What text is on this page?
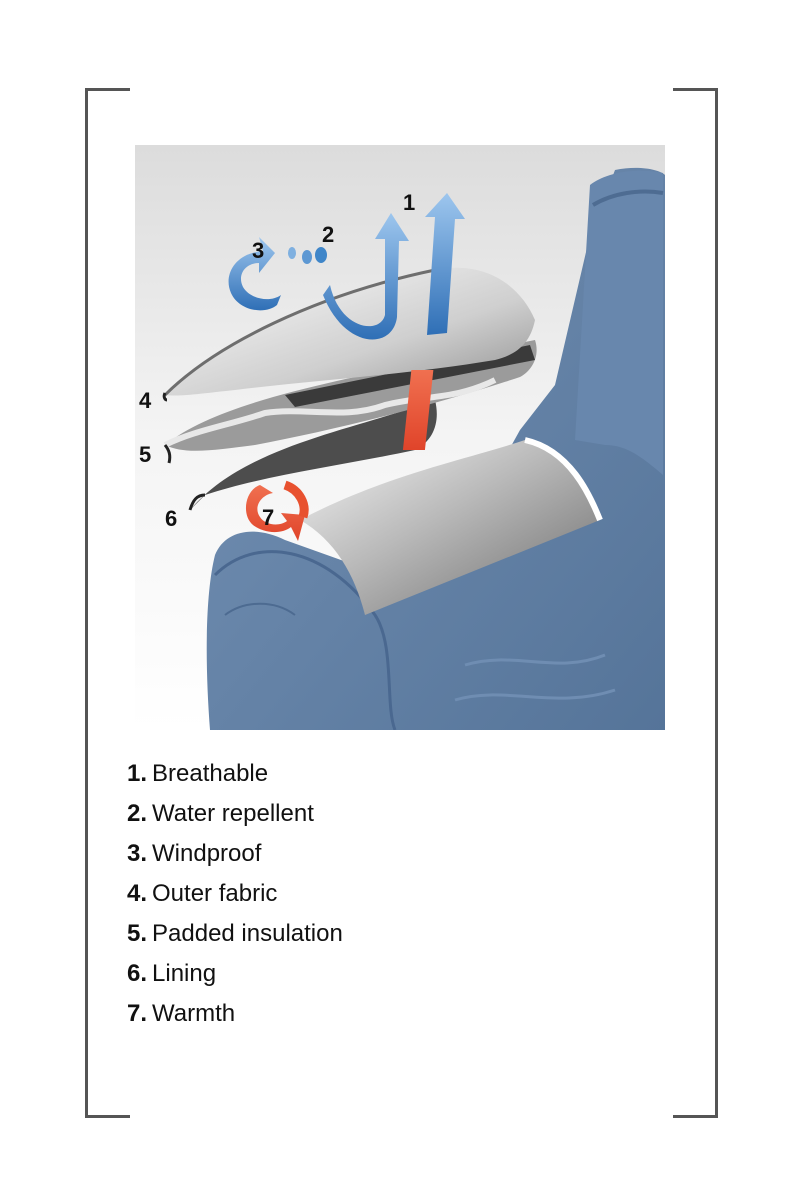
1
2
3
4
5
6	7
1. Breathable
2. Water repellent
3. Windproof
4. Outer fabric
5. Padded insulation
6. Lining
7. Warmth
